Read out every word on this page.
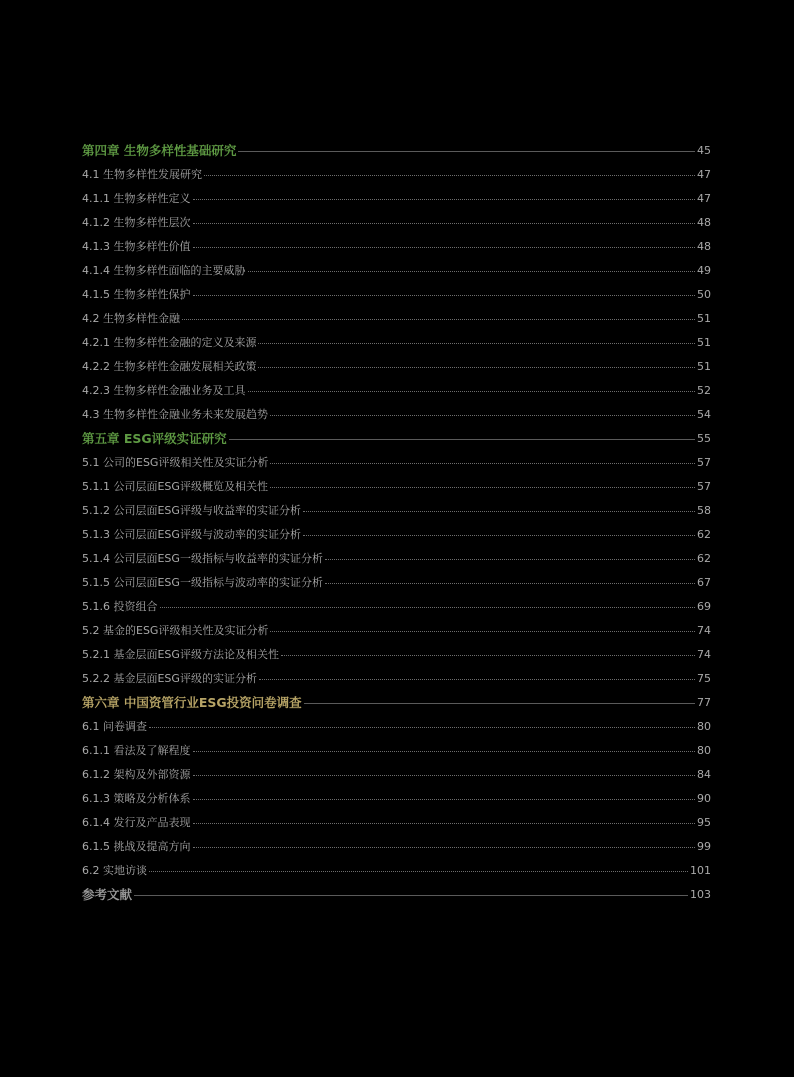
第四章 生物多样性基础研究	45
4.1 生物多样性发展研究	47
4.1.1 生物多样性定义	47
4.1.2 生物多样性层次	48
4.1.3 生物多样性价值	48
4.1.4 生物多样性面临的主要威胁	49
4.1.5 生物多样性保护	50
4.2 生物多样性金融	51
4.2.1 生物多样性金融的定义及来源	51
4.2.2 生物多样性金融发展相关政策	51
4.2.3 生物多样性金融业务及工具	52
4.3 生物多样性金融业务未来发展趋势	54
第五章 ESG评级实证研究	55
5.1 公司的ESG评级相关性及实证分析	57
5.1.1 公司层面ESG评级概览及相关性	57
5.1.2 公司层面ESG评级与收益率的实证分析	58
5.1.3 公司层面ESG评级与波动率的实证分析	62
5.1.4 公司层面ESG一级指标与收益率的实证分析	62
5.1.5 公司层面ESG一级指标与波动率的实证分析	67
5.1.6 投资组合	69
5.2 基金的ESG评级相关性及实证分析	74
5.2.1 基金层面ESG评级方法论及相关性	74
5.2.2 基金层面ESG评级的实证分析	75
第六章 中国资管行业ESG投资问卷调查	77
6.1 问卷调查	80
6.1.1 看法及了解程度	80
6.1.2 架构及外部资源	84
6.1.3 策略及分析体系	90
6.1.4 发行及产品表现	95
6.1.5 挑战及提高方向	99
6.2 实地访谈	101
参考文献	103
